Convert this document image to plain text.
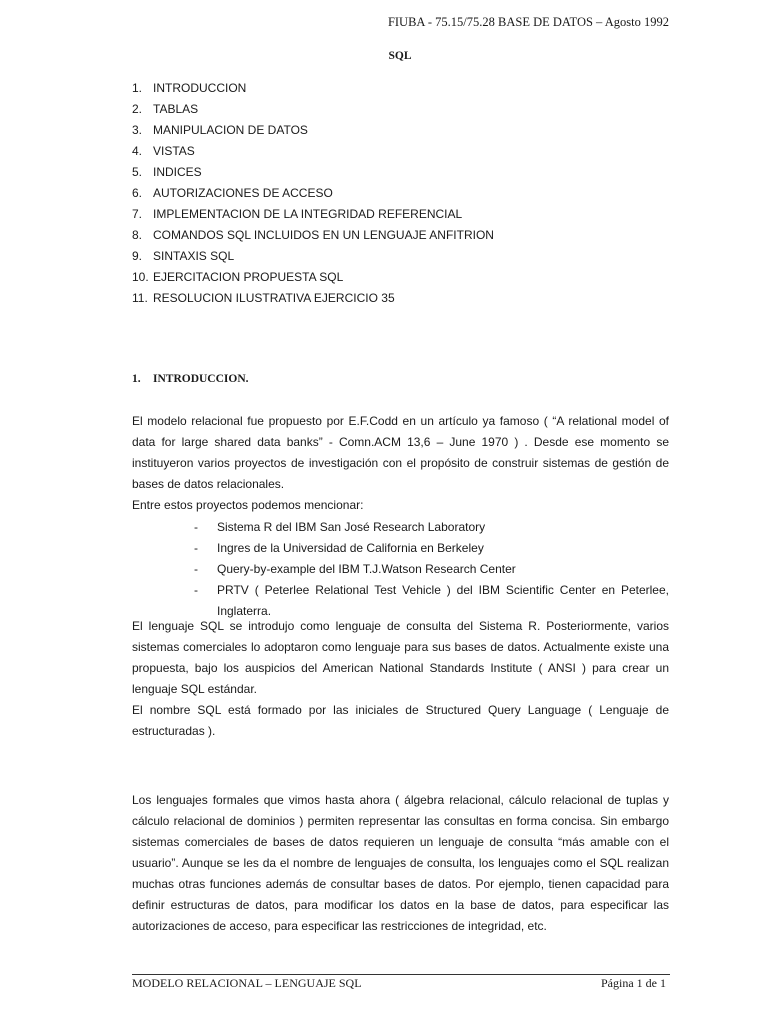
FIUBA - 75.15/75.28 BASE DE DATOS – Agosto 1992
SQL
1. INTRODUCCION
2. TABLAS
3. MANIPULACION DE DATOS
4. VISTAS
5. INDICES
6. AUTORIZACIONES DE ACCESO
7. IMPLEMENTACION DE LA INTEGRIDAD REFERENCIAL
8. COMANDOS SQL INCLUIDOS EN UN LENGUAJE ANFITRION
9. SINTAXIS SQL
10. EJERCITACION PROPUESTA SQL
11. RESOLUCION ILUSTRATIVA EJERCICIO 35
1. INTRODUCCION.
El modelo relacional fue propuesto por E.F.Codd en un artículo ya famoso ( “A relational model of
data for large shared data banks” - Comn.ACM 13,6 – June 1970 ) . Desde ese momento se
instituyeron varios proyectos de investigación con el propósito de construir sistemas de gestión de
bases de datos relacionales.
Entre estos proyectos podemos mencionar:
-	Sistema R del IBM San José Research Laboratory
-	Ingres de la Universidad de California en Berkeley
-	Query-by-example del IBM T.J.Watson Research Center
-	PRTV ( Peterlee Relational Test Vehicle ) del IBM Scientific Center en Peterlee,
Inglaterra.
El lenguaje SQL se introdujo como lenguaje de consulta del Sistema R. Posteriormente, varios
sistemas comerciales lo adoptaron como lenguaje para sus bases de datos. Actualmente existe una
propuesta, bajo los auspicios del American National Standards Institute ( ANSI ) para crear un
lenguaje SQL estándar.
El nombre SQL está formado por las iniciales de Structured Query Language ( Lenguaje de
estructuradas ).
Los lenguajes formales que vimos hasta ahora ( álgebra relacional, cálculo relacional de tuplas y
cálculo relacional de dominios ) permiten representar las consultas en forma concisa. Sin embargo
sistemas comerciales de bases de datos requieren un lenguaje de consulta “más amable con el
usuario”. Aunque se les da el nombre de lenguajes de consulta, los lenguajes como el SQL realizan
muchas otras funciones además de consultar bases de datos. Por ejemplo, tienen capacidad para
definir estructuras de datos, para modificar los datos en la base de datos, para especificar las
autorizaciones de acceso, para especificar las restricciones de integridad, etc.
MODELO RELACIONAL – LENGUAJE SQL	Página 1 de 1
